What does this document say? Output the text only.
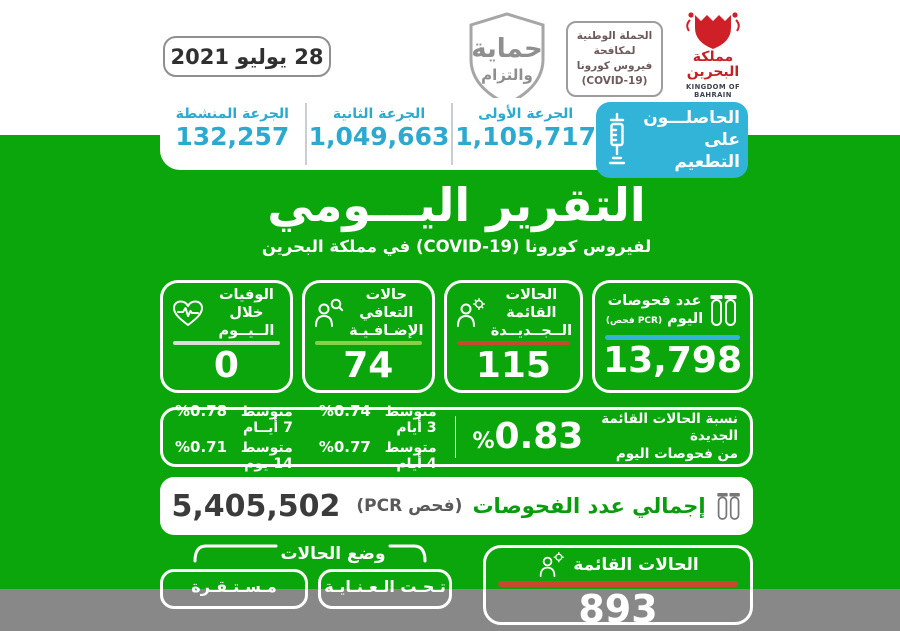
28 يوليو 2021	حماية
والتزام
الحملة الوطنية
لمكافحة
فيروس كورونا
(COVID-19)
مملكة البحرين
KINGDOM OF BAHRAIN
الجرعة الأولى
1,105,717
الجرعة الثانية
1,049,663
الجرعة المنشطة
132,257
الحاصلـــون
على التطعيم
التقرير اليـــومي
لفيروس كورونا (COVID-19) في مملكة البحرين
عدد فحوصات
اليوم (فحص PCR)
13,798
الحالات القائمة
الــجــديــدة
115
حالات التعافي
الإضـافـيـة
74
الوفيات خلال
الــيــوم
0
نسبة الحالات القائمة الجديدة
من فحوصات اليوم
% 0.83
متوسط 3 أيام
%0.74
متوسط 7 أيــام
%0.78
متوسط 4 أيام
%0.77
متوسط 14 يوم
%0.71
إجمالي عدد الفحوصات
(فحص PCR)
5,405,502
الحالات القائمة
893
وضع الحالات
تـحـت الـعـنـايـة
مـسـتـقـرة
